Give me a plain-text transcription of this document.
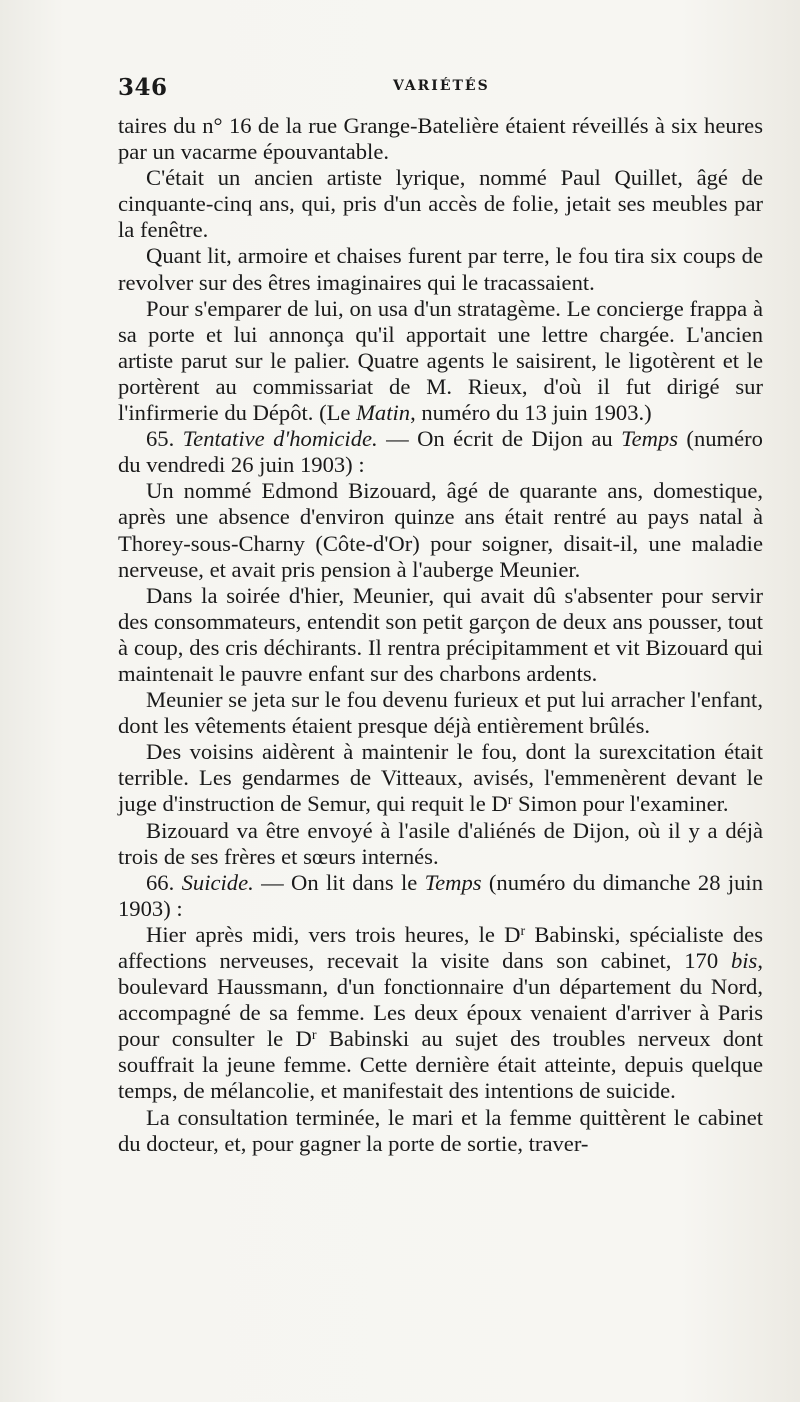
346	VARIÉTÉS

taires du n° 16 de la rue Grange-Batelière étaient réveillés à six heures par un vacarme épouvantable.

C'était un ancien artiste lyrique, nommé Paul Quillet, âgé de cinquante-cinq ans, qui, pris d'un accès de folie, jetait ses meubles par la fenêtre.

Quant lit, armoire et chaises furent par terre, le fou tira six coups de revolver sur des êtres imaginaires qui le tracassaient.

Pour s'emparer de lui, on usa d'un stratagème. Le concierge frappa à sa porte et lui annonça qu'il apportait une lettre chargée. L'ancien artiste parut sur le palier. Quatre agents le saisirent, le ligotèrent et le portèrent au commissariat de M. Rieux, d'où il fut dirigé sur l'infirmerie du Dépôt. (Le Matin, numéro du 13 juin 1903.)

65. Tentative d'homicide. — On écrit de Dijon au Temps (numéro du vendredi 26 juin 1903) :

Un nommé Edmond Bizouard, âgé de quarante ans, domestique, après une absence d'environ quinze ans était rentré au pays natal à Thorey-sous-Charny (Côte-d'Or) pour soigner, disait-il, une maladie nerveuse, et avait pris pension à l'auberge Meunier.

Dans la soirée d'hier, Meunier, qui avait dû s'absenter pour servir des consommateurs, entendit son petit garçon de deux ans pousser, tout à coup, des cris déchirants. Il rentra précipitamment et vit Bizouard qui maintenait le pauvre enfant sur des charbons ardents.

Meunier se jeta sur le fou devenu furieux et put lui arracher l'enfant, dont les vêtements étaient presque déjà entièrement brûlés.

Des voisins aidèrent à maintenir le fou, dont la surexcitation était terrible. Les gendarmes de Vitteaux, avisés, l'emmenèrent devant le juge d'instruction de Semur, qui requit le $D^r$ Simon pour l'examiner.

Bizouard va être envoyé à l'asile d'aliénés de Dijon, où il y a déjà trois de ses frères et sœurs internés.

66. Suicide. — On lit dans le Temps (numéro du dimanche 28 juin 1903) :

Hier après midi, vers trois heures, le $D^r$ Babinski, spécialiste des affections nerveuses, recevait la visite dans son cabinet, 170 bis, boulevard Haussmann, d'un fonctionnaire d'un département du Nord, accompagné de sa femme. Les deux époux venaient d'arriver à Paris pour consulter le $D^r$ Babinski au sujet des troubles nerveux dont souffrait la jeune femme. Cette dernière était atteinte, depuis quelque temps, de mélancolie, et manifestait des intentions de suicide.

La consultation terminée, le mari et la femme quittèrent le cabinet du docteur, et, pour gagner la porte de sortie, traver-
